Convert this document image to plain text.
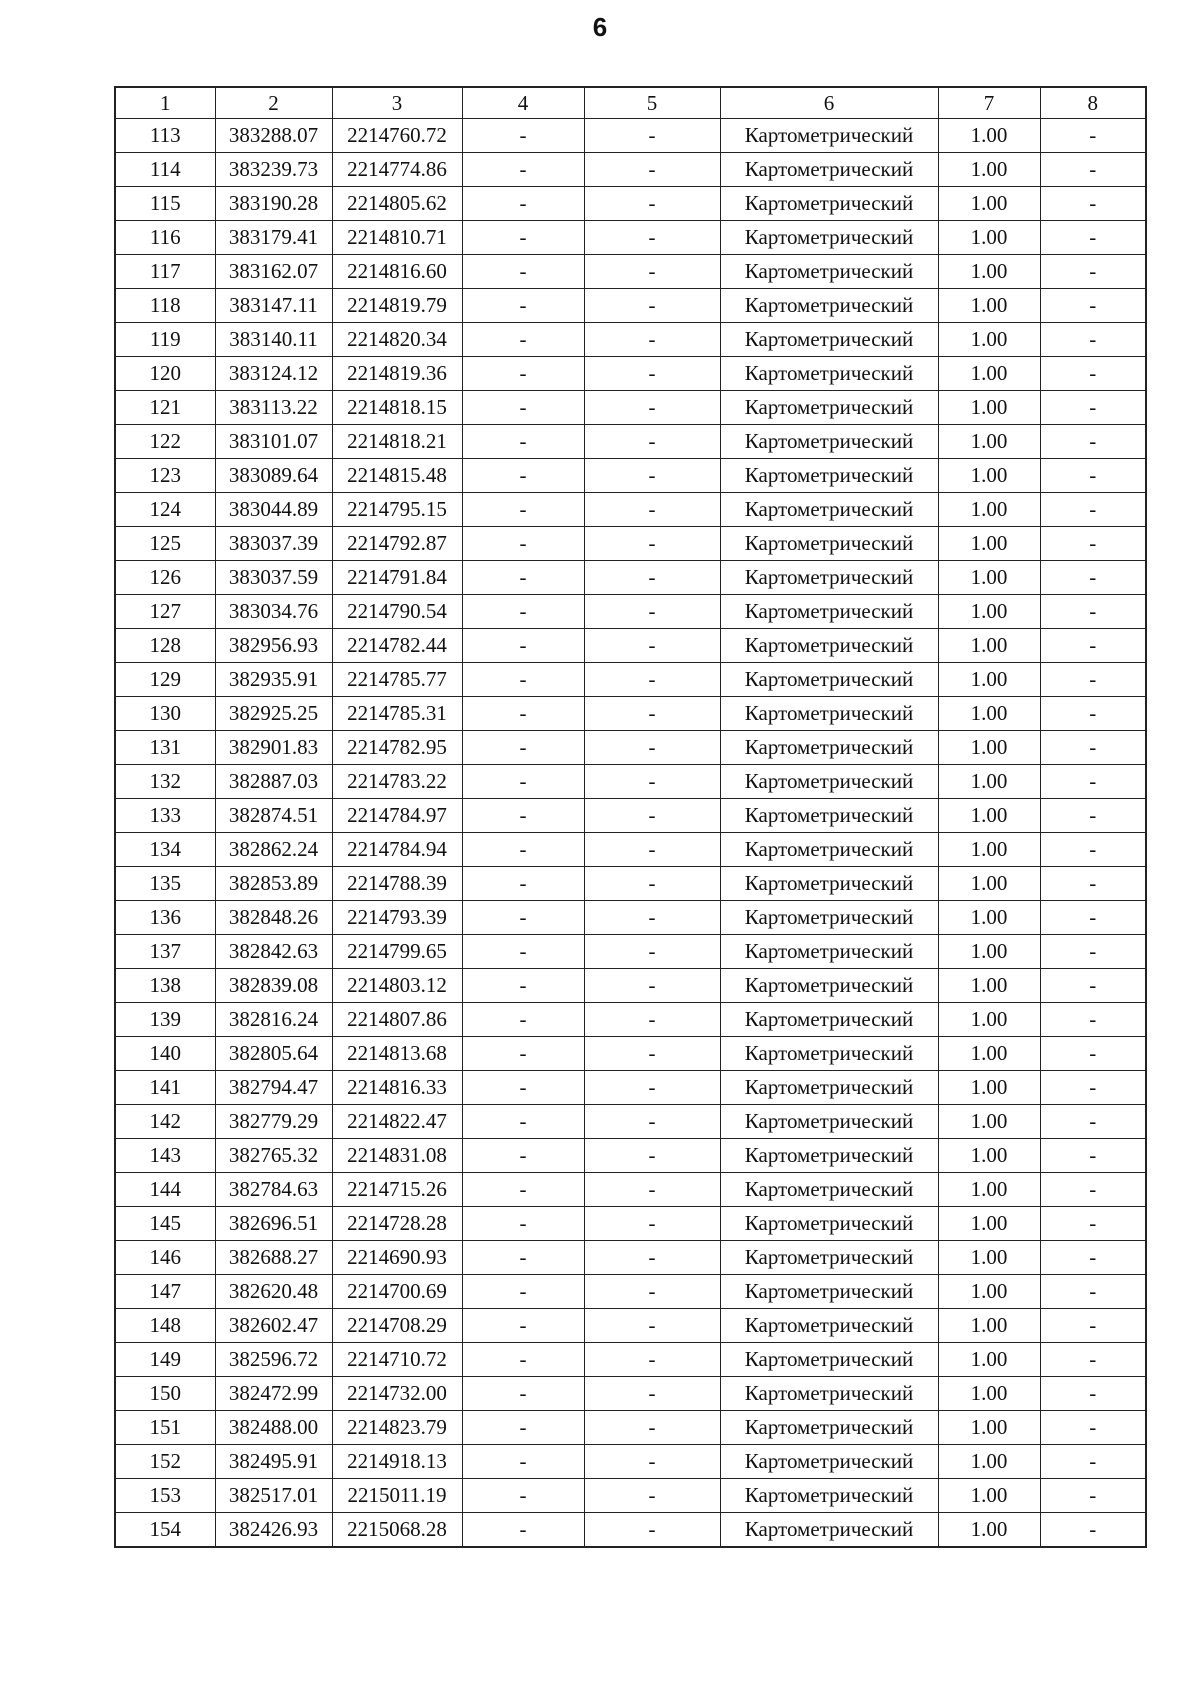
6
1	2	3	4	5	6	7	8
113	383288.07	2214760.72	-	-	Картометрический	1.00	-
114	383239.73	2214774.86	-	-	Картометрический	1.00	-
115	383190.28	2214805.62	-	-	Картометрический	1.00	-
116	383179.41	2214810.71	-	-	Картометрический	1.00	-
117	383162.07	2214816.60	-	-	Картометрический	1.00	-
118	383147.11	2214819.79	-	-	Картометрический	1.00	-
119	383140.11	2214820.34	-	-	Картометрический	1.00	-
120	383124.12	2214819.36	-	-	Картометрический	1.00	-
121	383113.22	2214818.15	-	-	Картометрический	1.00	-
122	383101.07	2214818.21	-	-	Картометрический	1.00	-
123	383089.64	2214815.48	-	-	Картометрический	1.00	-
124	383044.89	2214795.15	-	-	Картометрический	1.00	-
125	383037.39	2214792.87	-	-	Картометрический	1.00	-
126	383037.59	2214791.84	-	-	Картометрический	1.00	-
127	383034.76	2214790.54	-	-	Картометрический	1.00	-
128	382956.93	2214782.44	-	-	Картометрический	1.00	-
129	382935.91	2214785.77	-	-	Картометрический	1.00	-
130	382925.25	2214785.31	-	-	Картометрический	1.00	-
131	382901.83	2214782.95	-	-	Картометрический	1.00	-
132	382887.03	2214783.22	-	-	Картометрический	1.00	-
133	382874.51	2214784.97	-	-	Картометрический	1.00	-
134	382862.24	2214784.94	-	-	Картометрический	1.00	-
135	382853.89	2214788.39	-	-	Картометрический	1.00	-
136	382848.26	2214793.39	-	-	Картометрический	1.00	-
137	382842.63	2214799.65	-	-	Картометрический	1.00	-
138	382839.08	2214803.12	-	-	Картометрический	1.00	-
139	382816.24	2214807.86	-	-	Картометрический	1.00	-
140	382805.64	2214813.68	-	-	Картометрический	1.00	-
141	382794.47	2214816.33	-	-	Картометрический	1.00	-
142	382779.29	2214822.47	-	-	Картометрический	1.00	-
143	382765.32	2214831.08	-	-	Картометрический	1.00	-
144	382784.63	2214715.26	-	-	Картометрический	1.00	-
145	382696.51	2214728.28	-	-	Картометрический	1.00	-
146	382688.27	2214690.93	-	-	Картометрический	1.00	-
147	382620.48	2214700.69	-	-	Картометрический	1.00	-
148	382602.47	2214708.29	-	-	Картометрический	1.00	-
149	382596.72	2214710.72	-	-	Картометрический	1.00	-
150	382472.99	2214732.00	-	-	Картометрический	1.00	-
151	382488.00	2214823.79	-	-	Картометрический	1.00	-
152	382495.91	2214918.13	-	-	Картометрический	1.00	-
153	382517.01	2215011.19	-	-	Картометрический	1.00	-
154	382426.93	2215068.28	-	-	Картометрический	1.00	-
